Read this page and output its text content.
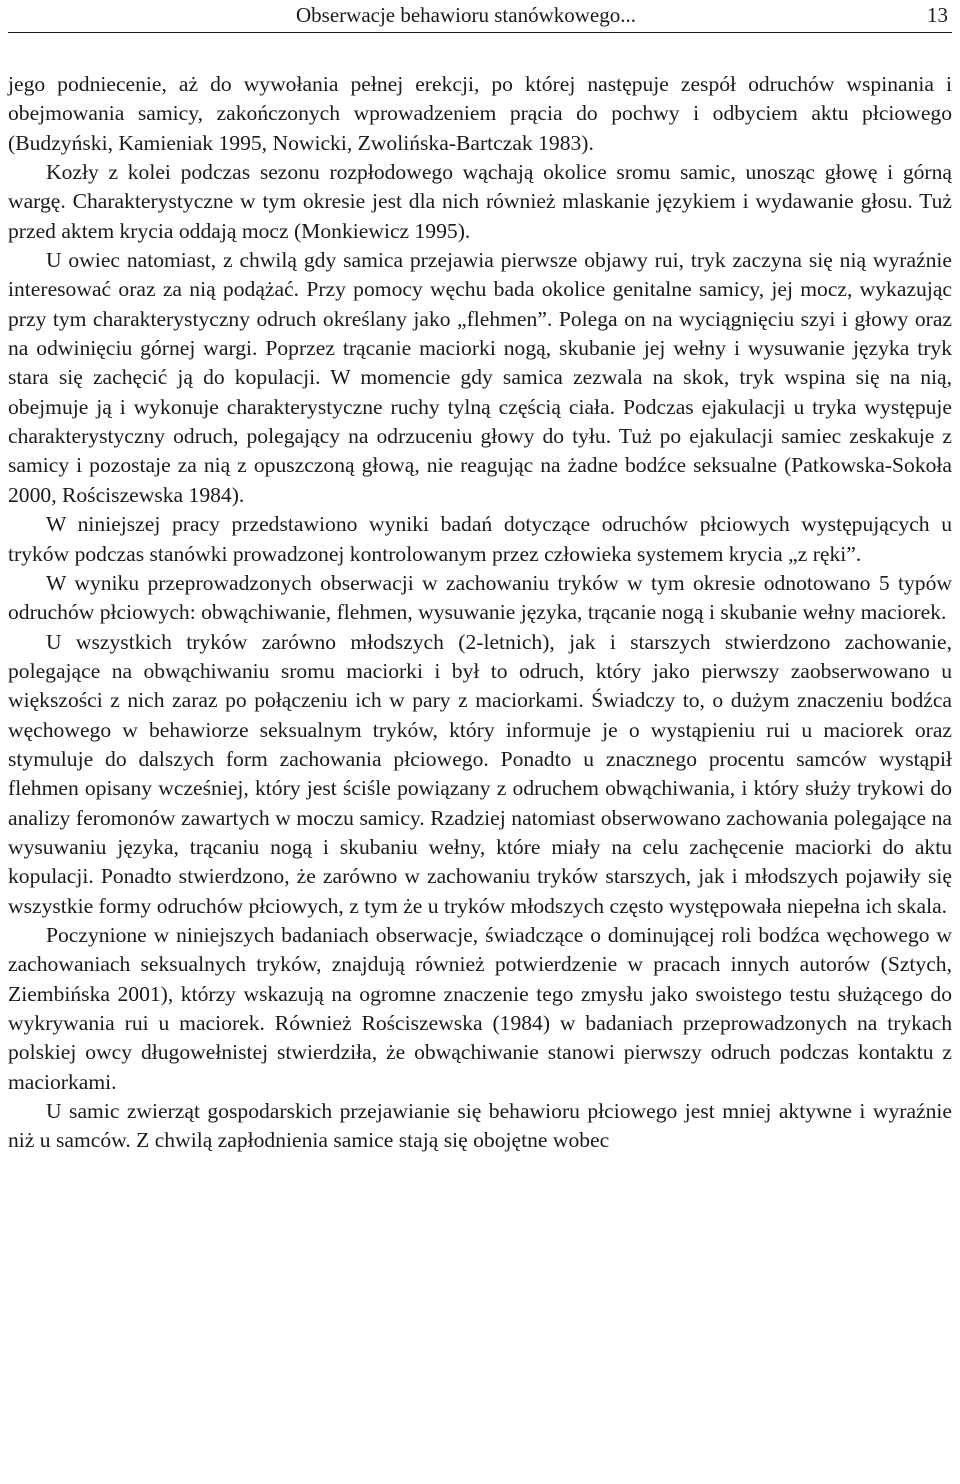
Obserwacje behawioru stanówkowego...	13

jego podniecenie, aż do wywołania pełnej erekcji, po której następuje zespół odruchów wspinania i obejmowania samicy, zakończonych wprowadzeniem prącia do pochwy i odbyciem aktu płciowego (Budzyński, Kamieniak 1995, Nowicki, Zwolińska-Bartczak 1983).

Kozły z kolei podczas sezonu rozpłodowego wąchają okolice sromu samic, unosząc głowę i górną wargę. Charakterystyczne w tym okresie jest dla nich również mlaskanie językiem i wydawanie głosu. Tuż przed aktem krycia oddają mocz (Monkiewicz 1995).

U owiec natomiast, z chwilą gdy samica przejawia pierwsze objawy rui, tryk zaczyna się nią wyraźnie interesować oraz za nią podążać. Przy pomocy węchu bada okolice genitalne samicy, jej mocz, wykazując przy tym charakterystyczny odruch określany jako „flehmen”. Polega on na wyciągnięciu szyi i głowy oraz na odwinięciu górnej wargi. Poprzez trącanie maciorki nogą, skubanie jej wełny i wysuwanie języka tryk stara się zachęcić ją do kopulacji. W momencie gdy samica zezwala na skok, tryk wspina się na nią, obejmuje ją i wykonuje charakterystyczne ruchy tylną częścią ciała. Podczas ejakulacji u tryka występuje charakterystyczny odruch, polegający na odrzuceniu głowy do tyłu. Tuż po ejakulacji samiec zeskakuje z samicy i pozostaje za nią z opuszczoną głową, nie reagując na żadne bodźce seksualne (Patkowska-Sokoła 2000, Rościszewska 1984).

W niniejszej pracy przedstawiono wyniki badań dotyczące odruchów płciowych występujących u tryków podczas stanówki prowadzonej kontrolowanym przez człowieka systemem krycia „z ręki”.

W wyniku przeprowadzonych obserwacji w zachowaniu tryków w tym okresie odnotowano 5 typów odruchów płciowych: obwąchiwanie, flehmen, wysuwanie języka, trącanie nogą i skubanie wełny maciorek.

U wszystkich tryków zarówno młodszych (2-letnich), jak i starszych stwierdzono zachowanie, polegające na obwąchiwaniu sromu maciorki i był to odruch, który jako pierwszy zaobserwowano u większości z nich zaraz po połączeniu ich w pary z maciorkami. Świadczy to, o dużym znaczeniu bodźca węchowego w behawiorze seksualnym tryków, który informuje je o wystąpieniu rui u maciorek oraz stymuluje do dalszych form zachowania płciowego. Ponadto u znacznego procentu samców wystąpił flehmen opisany wcześniej, który jest ściśle powiązany z odruchem obwąchiwania, i który służy trykowi do analizy feromonów zawartych w moczu samicy. Rzadziej natomiast obserwowano zachowania polegające na wysuwaniu języka, trącaniu nogą i skubaniu wełny, które miały na celu zachęcenie maciorki do aktu kopulacji. Ponadto stwierdzono, że zarówno w zachowaniu tryków starszych, jak i młodszych pojawiły się wszystkie formy odruchów płciowych, z tym że u tryków młodszych często występowała niepełna ich skala.

Poczynione w niniejszych badaniach obserwacje, świadczące o dominującej roli bodźca węchowego w zachowaniach seksualnych tryków, znajdują również potwierdzenie w pracach innych autorów (Sztych, Ziembińska 2001), którzy wskazują na ogromne znaczenie tego zmysłu jako swoistego testu służącego do wykrywania rui u maciorek. Również Rościszewska (1984) w badaniach przeprowadzonych na trykach polskiej owcy długowełnistej stwierdziła, że obwąchiwanie stanowi pierwszy odruch podczas kontaktu z maciorkami.

U samic zwierząt gospodarskich przejawianie się behawioru płciowego jest mniej aktywne i wyraźnie niż u samców. Z chwilą zapłodnienia samice stają się obojętne wobec
